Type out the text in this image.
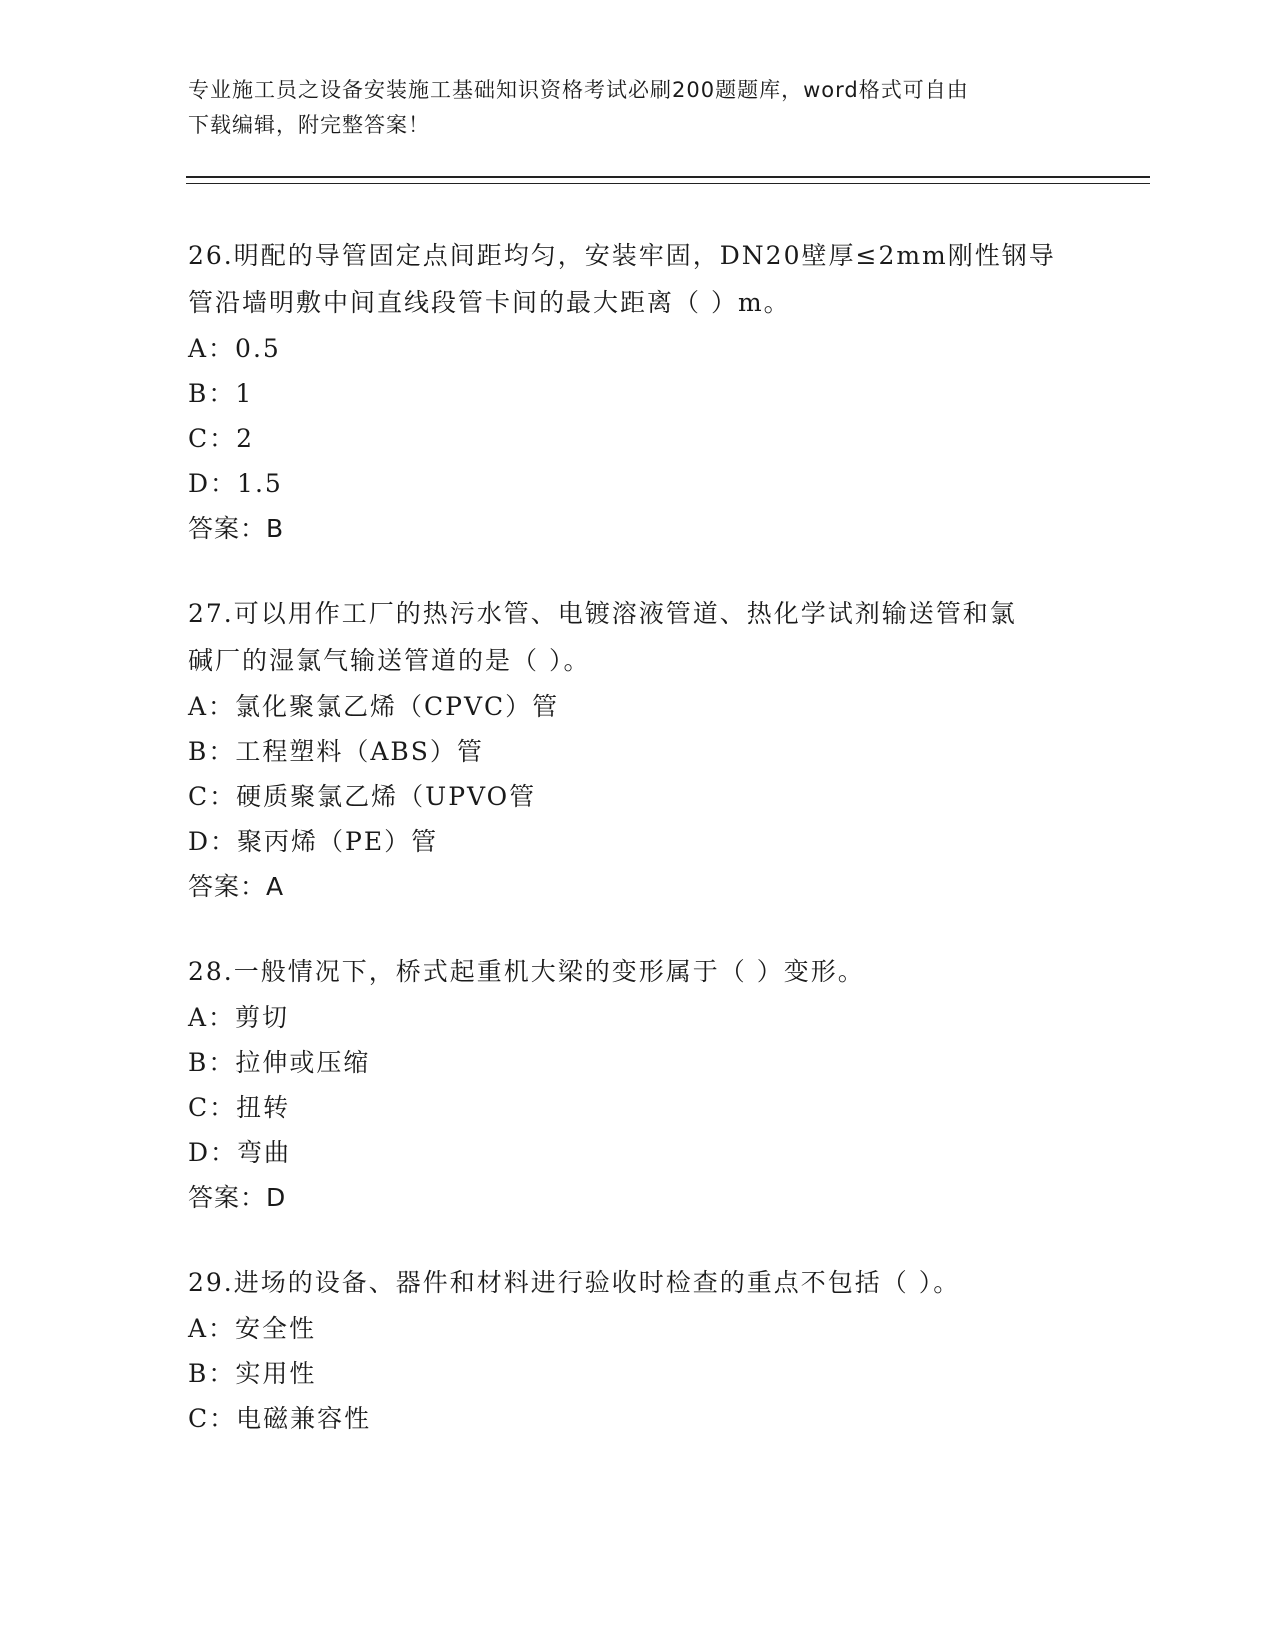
专业施工员之设备安装施工基础知识资格考试必刷200题题库，word格式可自由
下载编辑，附完整答案！
26.明配的导管固定点间距均匀，安装牢固，DN20壁厚≤2mm刚性钢导
管沿墙明敷中间直线段管卡间的最大距离（ ）m。
A：0.5
B：1
C：2
D：1.5
答案：B
27.可以用作工厂的热污水管、电镀溶液管道、热化学试剂输送管和氯
碱厂的湿氯气输送管道的是（ ）。
A：氯化聚氯乙烯（CPVC）管
B：工程塑料（ABS）管
C：硬质聚氯乙烯（UPVO管
D：聚丙烯（PE）管
答案：A
28.一般情况下，桥式起重机大梁的变形属于（ ）变形。
A：剪切
B：拉伸或压缩
C：扭转
D：弯曲
答案：D
29.进场的设备、器件和材料进行验收时检查的重点不包括（ ）。
A：安全性
B：实用性
C：电磁兼容性
